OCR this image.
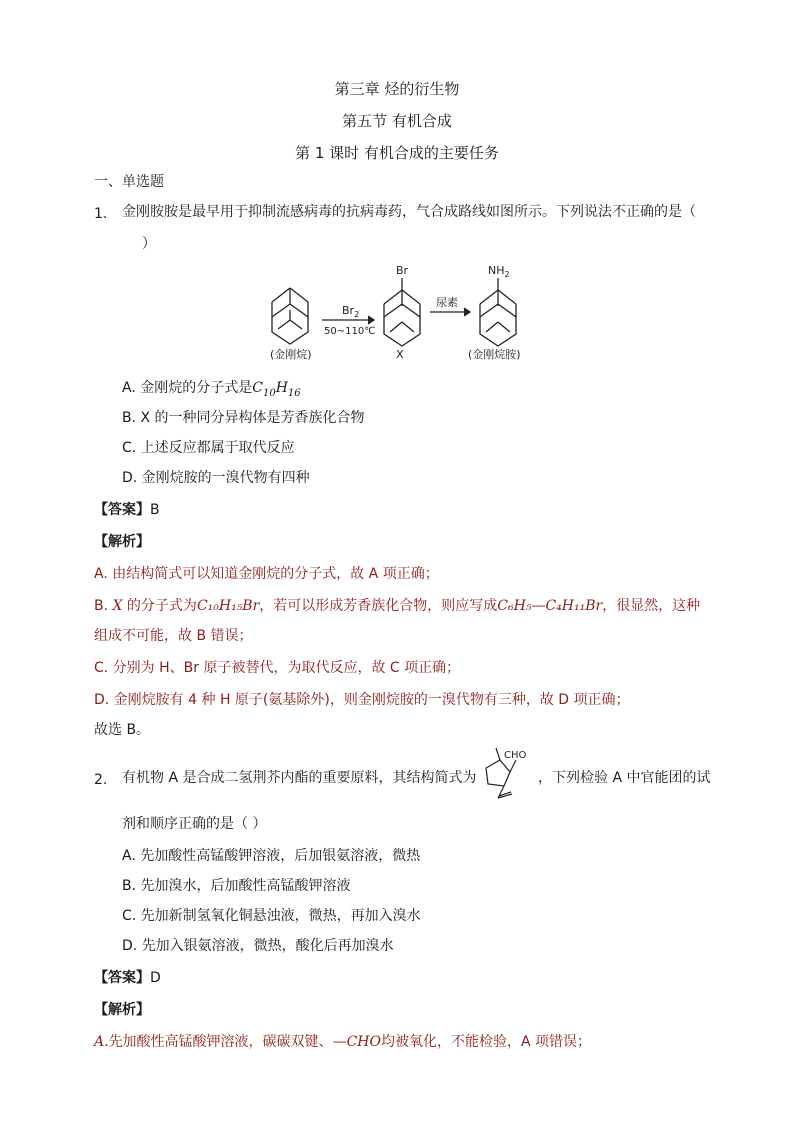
第三章 烃的衍生物
第五节 有机合成
第 1 课时 有机合成的主要任务
一、单选题
1. 金刚胺胺是最早用于抑制流感病毒的抗病毒药，气合成路线如图所示。下列说法不正确的是（
）
$Br_2$
50~110℃
尿素
Br	$NH_2$
(金刚烷)	X	(金刚烷胺)
A. 金刚烷的分子式是$C_{10}H_{16}$
B. X 的一种同分异构体是芳香族化合物
C. 上述反应都属于取代反应
D. 金刚烷胺的一溴代物有四种
【答案】B
【解析】
A. 由结构简式可以知道金刚烷的分子式，故 A 项正确；
B. X 的分子式为C₁₀H₁₅Br，若可以形成芳香族化合物，则应写成C₆H₅—C₄H₁₁Br，很显然，这种
组成不可能，故 B 错误；
C. 分别为 H、Br 原子被替代，为取代反应，故 C 项正确；
D. 金刚烷胺有 4 种 H 原子(氨基除外)，则金刚烷胺的一溴代物有三种，故 D 项正确；
故选 B。
2. 有机物 A 是合成二氢荆芥内酯的重要原料，其结构简式为
CHO
，下列检验 A 中官能团的试
剂和顺序正确的是（ ）
A. 先加酸性高锰酸钾溶液，后加银氨溶液，微热
B. 先加溴水，后加酸性高锰酸钾溶液
C. 先加新制氢氧化铜悬浊液，微热，再加入溴水
D. 先加入银氨溶液，微热，酸化后再加溴水
【答案】D
【解析】
A.先加酸性高锰酸钾溶液，碳碳双键、—CHO均被氧化，不能检验，A 项错误；
